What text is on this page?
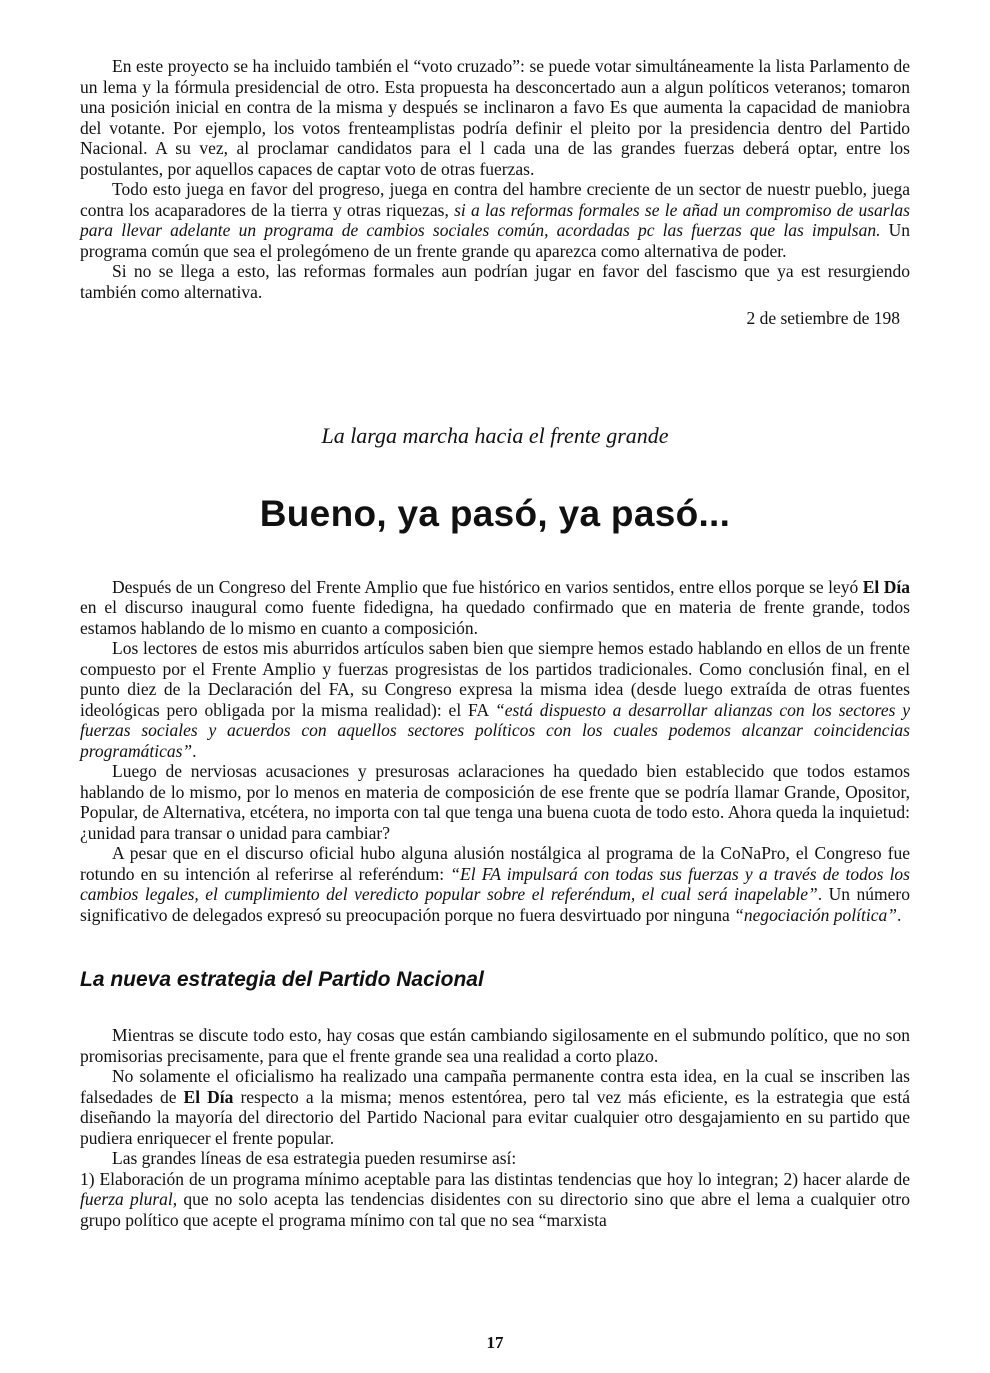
En este proyecto se ha incluido también el “voto cruzado”: se puede votar simultáneamente la lista Parlamento de un lema y la fórmula presidencial de otro. Esta propuesta ha desconcertado aun a algun políticos veteranos; tomaron una posición inicial en contra de la misma y después se inclinaron a favo Es que aumenta la capacidad de maniobra del votante. Por ejemplo, los votos frenteamplistas podría definir el pleito por la presidencia dentro del Partido Nacional. A su vez, al proclamar candidatos para el l cada una de las grandes fuerzas deberá optar, entre los postulantes, por aquellos capaces de captar voto de otras fuerzas.

Todo esto juega en favor del progreso, juega en contra del hambre creciente de un sector de nuestr pueblo, juega contra los acaparadores de la tierra y otras riquezas, si a las reformas formales se le añad un compromiso de usarlas para llevar adelante un programa de cambios sociales común, acordadas pc las fuerzas que las impulsan. Un programa común que sea el prolegómeno de un frente grande qu aparezca como alternativa de poder.

Si no se llega a esto, las reformas formales aun podrían jugar en favor del fascismo que ya est resurgiendo también como alternativa.

2 de setiembre de 198

La larga marcha hacia el frente grande
Bueno, ya pasó, ya pasó...

Después de un Congreso del Frente Amplio que fue histórico en varios sentidos, entre ellos porque se leyó El Día en el discurso inaugural como fuente fidedigna, ha quedado confirmado que en materia de frente grande, todos estamos hablando de lo mismo en cuanto a composición.

Los lectores de estos mis aburridos artículos saben bien que siempre hemos estado hablando en ellos de un frente compuesto por el Frente Amplio y fuerzas progresistas de los partidos tradicionales. Como conclusión final, en el punto diez de la Declaración del FA, su Congreso expresa la misma idea (desde luego extraída de otras fuentes ideológicas pero obligada por la misma realidad): el FA “está dispuesto a desarrollar alianzas con los sectores y fuerzas sociales y acuerdos con aquellos sectores políticos con los cuales podemos alcanzar coincidencias programáticas”.

Luego de nerviosas acusaciones y presurosas aclaraciones ha quedado bien establecido que todos estamos hablando de lo mismo, por lo menos en materia de composición de ese frente que se podría llamar Grande, Opositor, Popular, de Alternativa, etcétera, no importa con tal que tenga una buena cuota de todo esto. Ahora queda la inquietud: ¿unidad para transar o unidad para cambiar?

A pesar que en el discurso oficial hubo alguna alusión nostálgica al programa de la CoNaPro, el Congreso fue rotundo en su intención al referirse al referéndum: “El FA impulsará con todas sus fuerzas y a través de todos los cambios legales, el cumplimiento del veredicto popular sobre el referéndum, el cual será inapelable”. Un número significativo de delegados expresó su preocupación porque no fuera desvirtuado por ninguna “negociación política”.

La nueva estrategia del Partido Nacional

Mientras se discute todo esto, hay cosas que están cambiando sigilosamente en el submundo político, que no son promisorias precisamente, para que el frente grande sea una realidad a corto plazo.

No solamente el oficialismo ha realizado una campaña permanente contra esta idea, en la cual se inscriben las falsedades de El Día respecto a la misma; menos estentórea, pero tal vez más eficiente, es la estrategia que está diseñando la mayoría del directorio del Partido Nacional para evitar cualquier otro desgajamiento en su partido que pudiera enriquecer el frente popular.

Las grandes líneas de esa estrategia pueden resumirse así:

1) Elaboración de un programa mínimo aceptable para las distintas tendencias que hoy lo integran; 2) hacer alarde de fuerza plural, que no solo acepta las tendencias disidentes con su directorio sino que abre el lema a cualquier otro grupo político que acepte el programa mínimo con tal que no sea “marxista

17
